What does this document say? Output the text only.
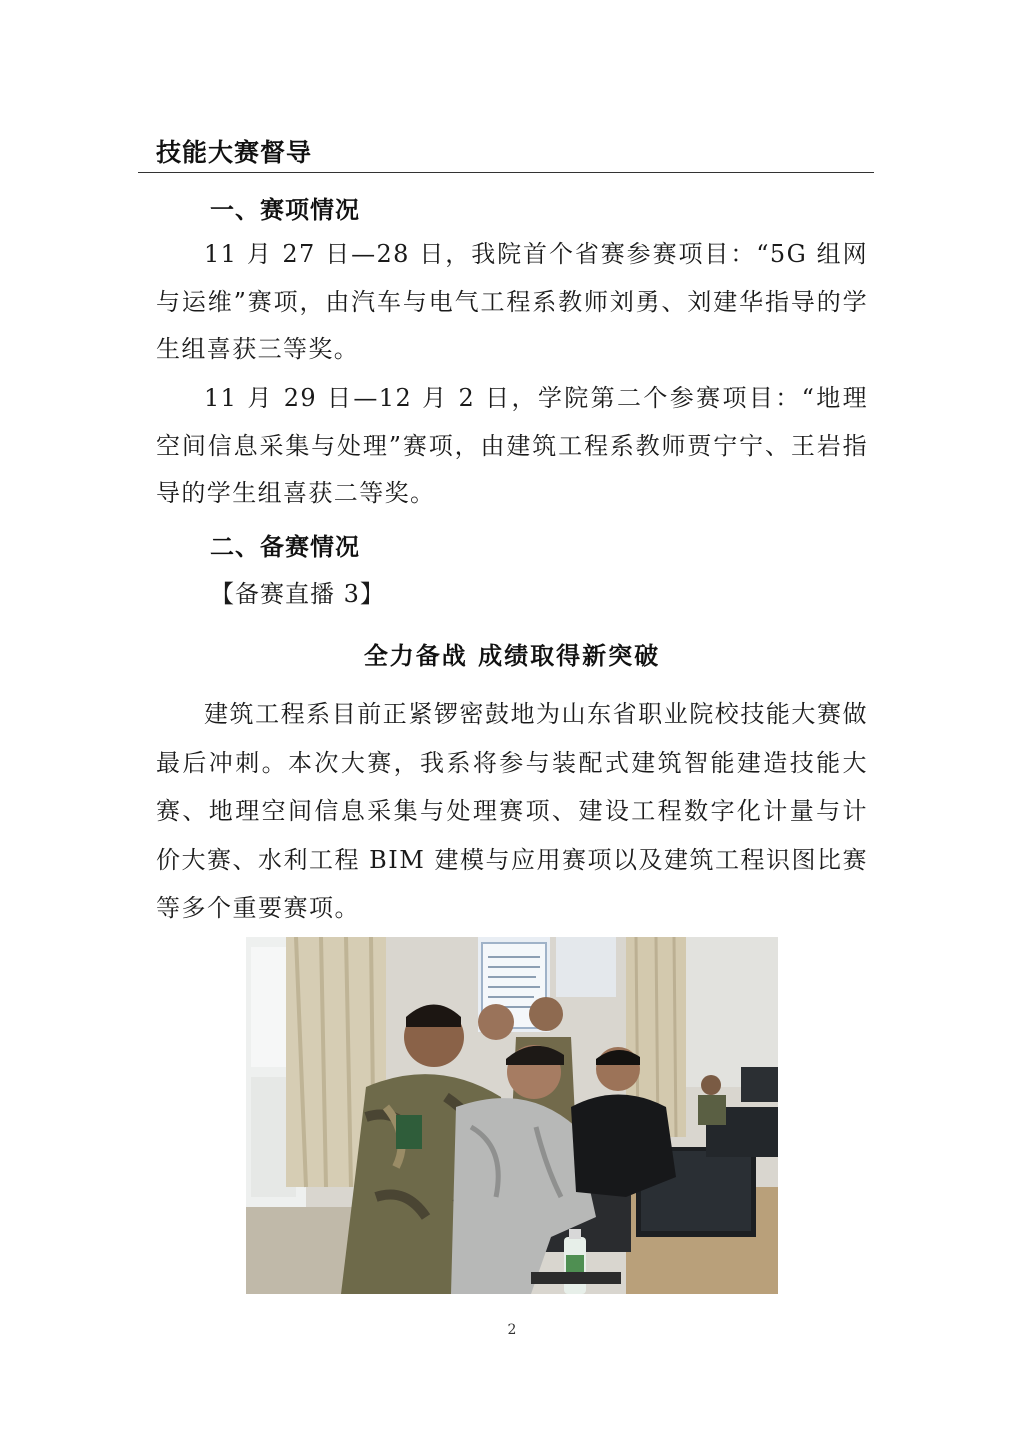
技能大赛督导
一、赛项情况

11 月 27 日—28 日，我院首个省赛参赛项目：“5G 组网与运维”赛项，由汽车与电气工程系教师刘勇、刘建华指导的学生组喜获三等奖。

11 月 29 日—12 月 2 日，学院第二个参赛项目：“地理空间信息采集与处理”赛项，由建筑工程系教师贾宁宁、王岩指导的学生组喜获二等奖。

二、备赛情况
【备赛直播 3】
全力备战 成绩取得新突破

建筑工程系目前正紧锣密鼓地为山东省职业院校技能大赛做最后冲刺。本次大赛，我系将参与装配式建筑智能建造技能大赛、地理空间信息采集与处理赛项、建设工程数字化计量与计价大赛、水利工程 BIM 建模与应用赛项以及建筑工程识图比赛等多个重要赛项。

2
